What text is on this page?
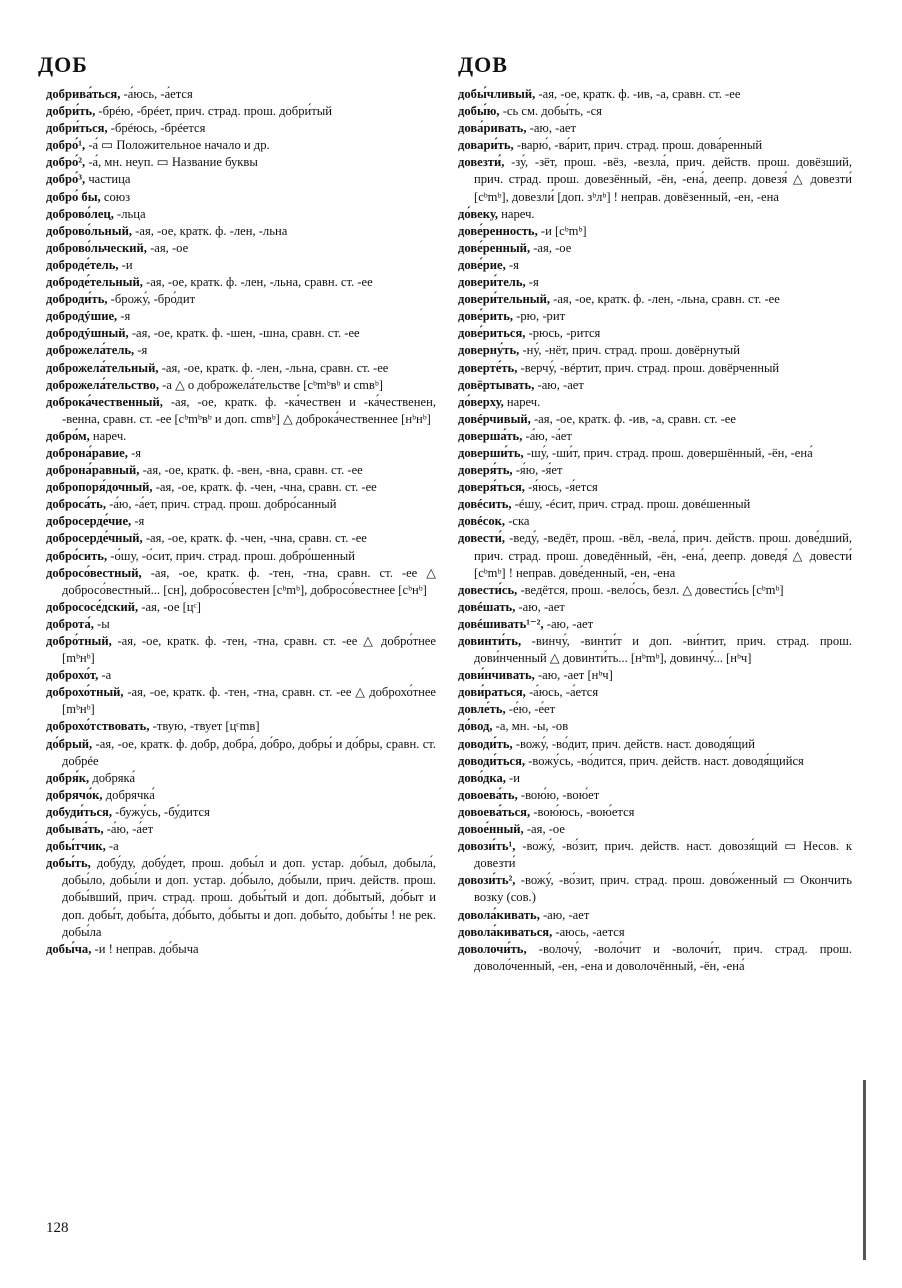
ДОБ	ДОВ

добрива́ться, -а́юсь, -а́ется

добри́ть, -брéю, -брéет, прич. страд. прош. добри́тый

добри́ться, -брéюсь, -брéется

добро́¹, -а́ ▭ Положительное начало и др.

добро́², -а́, мн. неуп. ▭ Название буквы

добро́³, частица

добро́ бы, союз

доброво́лец, -льца

доброво́льный, -ая, -ое, кратк. ф. -лен, -льна

доброво́льческий, -ая, -ое

доброде́тель, -и

доброде́тельный, -ая, -ое, кратк. ф. -лен, -льна, сравн. ст. -ее

доброди́ть, -брожу́, -бро́дит

добродýшие, -я

добродýшный, -ая, -ое, кратк. ф. -шен, -шна, сравн. ст. -ее

доброжела́тель, -я

доброжела́тельный, -ая, -ое, кратк. ф. -лен, -льна, сравн. ст. -ее

доброжела́тельство, -а △ о доброжела́тельстве [cᵇmᵇвᵇ и cmвᵇ]

доброка́чественный, -ая, -ое, кратк. ф. -ка́чествен и -ка́чественен, -венна, сравн. ст. -ее [cᵇmᵇвᵇ и доп. cmвᵇ] △ доброка́чественнее [нᵇнᵇ]

добро́м, нареч.

доброна́равие, -я

доброна́равный, -ая, -ое, кратк. ф. -вен, -вна, сравн. ст. -ее

добропоря́дочный, -ая, -ое, кратк. ф. -чен, -чна, сравн. ст. -ее

доброса́ть, -а́ю, -а́ет, прич. страд. прош. добро́санный

добросерде́чие, -я

добросерде́чный, -ая, -ое, кратк. ф. -чен, -чна, сравн. ст. -ее

добро́сить, -о́шу, -о́сит, прич. страд. прош. добро́шенный

добросо́вестный, -ая, -ое, кратк. ф. -тен, -тна, сравн. ст. -ее △ добросо́вестный... [сн], добросо́вестен [cᵇmᵇ], добросо́вестнее [cᵇнᵇ]

добрососе́дский, -ая, -ое [цᶜ]

доброта́, -ы

добро́тный, -ая, -ое, кратк. ф. -тен, -тна, сравн. ст. -ее △ добро́тнее [mᵇнᵇ]

доброхо́т, -а

доброхо́тный, -ая, -ое, кратк. ф. -тен, -тна, сравн. ст. -ее △ доброхо́тнее [mᵇнᵇ]

доброхо́тствовать, -твую, -твует [цᶜmв]

до́брый, -ая, -ое, кратк. ф. добр, добра́, до́бро, добры́ и до́бры, сравн. ст. добрéе

добря́к, добряка́

добрячо́к, добрячка́

добуди́ться, -бужу́сь, -бу́дится

добыва́ть, -а́ю, -а́ет

добы́тчик, -а

добы́ть, добу́ду, добу́дет, прош. добы́л и доп. устар. до́был, добыла́, добы́ло, добы́ли и доп. устар. до́было, до́были, прич. действ. прош. добы́вший, прич. страд. прош. добы́тый и доп. до́бытый, до́быт и доп. добы́т, добы́та, до́быто, до́быты и доп. добы́то, добы́ты ! не рек. добы́ла

добы́ча, -и ! неправ. до́быча

добы́чливый, -ая, -ое, кратк. ф. -ив, -а, сравн. ст. -ее

добы́ю, -сь см. добы́ть, -ся

дова́ривать, -аю, -ает

довари́ть, -варю́, -ва́рит, прич. страд. прош. дова́ренный

довезти́, -зу́, -зёт, прош. -вёз, -везла́, прич. действ. прош. довёзший, прич. страд. прош. довезённый, -ён, -ена́, деепр. довезя́ △ довезти́ [cᵇmᵇ], довезли́ [доп. зᵇлᵇ] ! неправ. довёзенный, -ен, -ена

до́веку, нареч.

дове́ренность, -и [cᵇmᵇ]

дове́ренный, -ая, -ое

дове́рие, -я

довери́тель, -я

довери́тельный, -ая, -ое, кратк. ф. -лен, -льна, сравн. ст. -ее

дове́рить, -рю, -рит

дове́риться, -рюсь, -рится

доверну́ть, -ну́, -нёт, прич. страд. прош. довёрнутый

доверте́ть, -верчу́, -вéртит, прич. страд. прош. довёрченный

довёртывать, -аю, -ает

до́верху, нареч.

довéрчивый, -ая, -ое, кратк. ф. -ив, -а, сравн. ст. -ее

доверша́ть, -а́ю, -а́ет

доверши́ть, -шу́, -ши́т, прич. страд. прош. довершённый, -ён, -ена́

доверя́ть, -я́ю, -я́ет

доверя́ться, -я́юсь, -я́ется

довéсить, -éшу, -éсит, прич. страд. прош. довéшенный

довéсок, -ска

довести́, -веду́, -ведёт, прош. -вёл, -вела́, прич. действ. прош. дове́дший, прич. страд. прош. доведённый, -ён, -ена́, деепр. доведя́ △ довести́ [cᵇmᵇ] ! неправ. дове́денный, -ен, -ена

довести́сь, -ведётся, прош. -вело́сь, безл. △ довести́сь [cᵇmᵇ]

довéшать, -аю, -ает

довéшивать¹⁻², -аю, -ает

довинти́ть, -винчу́, -винти́т и доп. -ви́нтит, прич. страд. прош. дови́нченный △ довинти́ть... [нᵇmᵇ], довинчу́... [нᵇч]

дови́нчивать, -аю, -ает [нᵇч]

дови́раться, -а́юсь, -а́ется

довле́ть, -е́ю, -е́ет

до́вод, -а, мн. -ы, -ов

доводи́ть, -вожу́, -во́дит, прич. действ. наст. доводя́щий

доводи́ться, -вожу́сь, -во́дится, прич. действ. наст. доводя́щийся

дово́дка, -и

довоева́ть, -вою́ю, -вою́ет

довоева́ться, -вою́юсь, -вою́ется

довое́нный, -ая, -ое

довози́ть¹, -вожу́, -во́зит, прич. действ. наст. довозя́щий ▭ Несов. к довезти́

довози́ть², -вожу́, -во́зит, прич. страд. прош. дово́женный ▭ Окончить возку (сов.)

довола́кивать, -аю, -ает

довола́киваться, -аюсь, -ается

доволочи́ть, -волочу́, -воло́чит и -волочи́т, прич. страд. прош. доволо́ченный, -ен, -ена и доволочённый, -ён, -ена́

128
